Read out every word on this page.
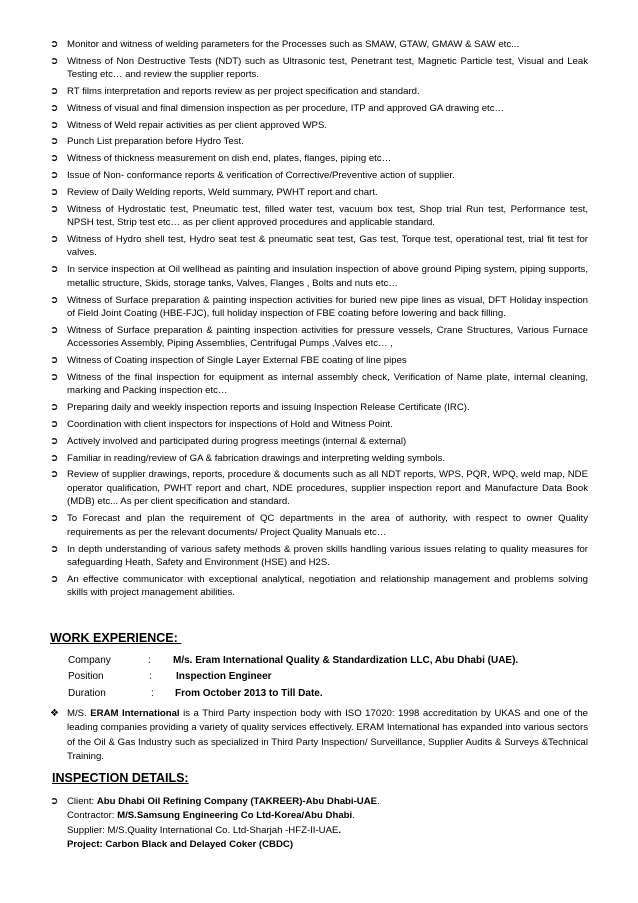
➲ Monitor and witness of welding parameters for the Processes such as SMAW, GTAW, GMAW & SAW etc...
➲ Witness of Non Destructive Tests (NDT) such as Ultrasonic test, Penetrant test, Magnetic Particle test, Visual and Leak Testing etc… and review the supplier reports.
➲ RT films interpretation and reports review as per project specification and standard.
➲ Witness of visual and final dimension inspection as per procedure, ITP and approved GA drawing etc…
➲ Witness of Weld repair activities as per client approved WPS.
➲ Punch List preparation before Hydro Test.
➲ Witness of thickness measurement on dish end, plates, flanges, piping etc…
➲ Issue of Non- conformance reports & verification of Corrective/Preventive action of supplier.
➲ Review of Daily Welding reports, Weld summary, PWHT report and chart.
➲ Witness of Hydrostatic test, Pneumatic test, filled water test, vacuum box test, Shop trial Run test, Performance test, NPSH test, Strip test etc… as per client approved procedures and applicable standard.
➲ Witness of Hydro shell test, Hydro seat test & pneumatic seat test, Gas test, Torque test, operational test, trial fit test for valves.
➲ In service inspection at Oil wellhead as painting and insulation inspection of above ground Piping system, piping supports, metallic structure, Skids, storage tanks, Valves, Flanges , Bolts and nuts etc…
➲ Witness of Surface preparation & painting inspection activities for buried new pipe lines as visual, DFT Holiday inspection of Field Joint Coating (HBE-FJC), full holiday inspection of FBE coating before lowering and back filling.
➲ Witness of Surface preparation & painting inspection activities for pressure vessels, Crane Structures, Various Furnace Accessories Assembly, Piping Assemblies, Centrifugal Pumps ,Valves etc… ,
➲ Witness of Coating inspection of Single Layer External FBE coating of line pipes
➲ Witness of the final inspection for equipment as internal assembly check, Verification of Name plate, internal cleaning, marking and Packing inspection etc…
➲ Preparing daily and weekly inspection reports and issuing Inspection Release Certificate (IRC).
➲ Coordination with client inspectors for inspections of Hold and Witness Point.
➲ Actively involved and participated during progress meetings (internal & external)
➲ Familiar in reading/review of GA & fabrication drawings and interpreting welding symbols.
➲ Review of supplier drawings, reports, procedure & documents such as all NDT reports, WPS, PQR, WPQ, weld map, NDE operator qualification, PWHT report and chart, NDE procedures, supplier inspection report and Manufacture Data Book (MDB) etc... As per client specification and standard.
➲ To Forecast and plan the requirement of QC departments in the area of authority, with respect to owner Quality requirements as per the relevant documents/ Project Quality Manuals etc…
➲ In depth understanding of various safety methods & proven skills handling various issues relating to quality measures for safeguarding Heath, Safety and Environment (HSE) and H2S.
➲ An effective communicator with exceptional analytical, negotiation and relationship management and problems solving skills with project management abilities.
WORK EXPERIENCE:
Company	: M/s. Eram International Quality & Standardization LLC, Abu Dhabi (UAE).
Position	: Inspection Engineer
Duration	: From October 2013 to Till Date.
❖ M/S. ERAM International is a Third Party inspection body with ISO 17020: 1998 accreditation by UKAS and one of the leading companies providing a variety of quality services effectively. ERAM International has expanded into various sectors of the Oil & Gas Industry such as specialized in Third Party Inspection/ Surveillance, Supplier Audits & Surveys &Technical Training.
INSPECTION DETAILS:
➲ Client: Abu Dhabi Oil Refining Company (TAKREER)-Abu Dhabi-UAE.
Contractor: M/S.Samsung Engineering Co Ltd-Korea/Abu Dhabi.
Supplier: M/S.Quality International Co. Ltd-Sharjah -HFZ-II-UAE.
Project: Carbon Black and Delayed Coker (CBDC)
